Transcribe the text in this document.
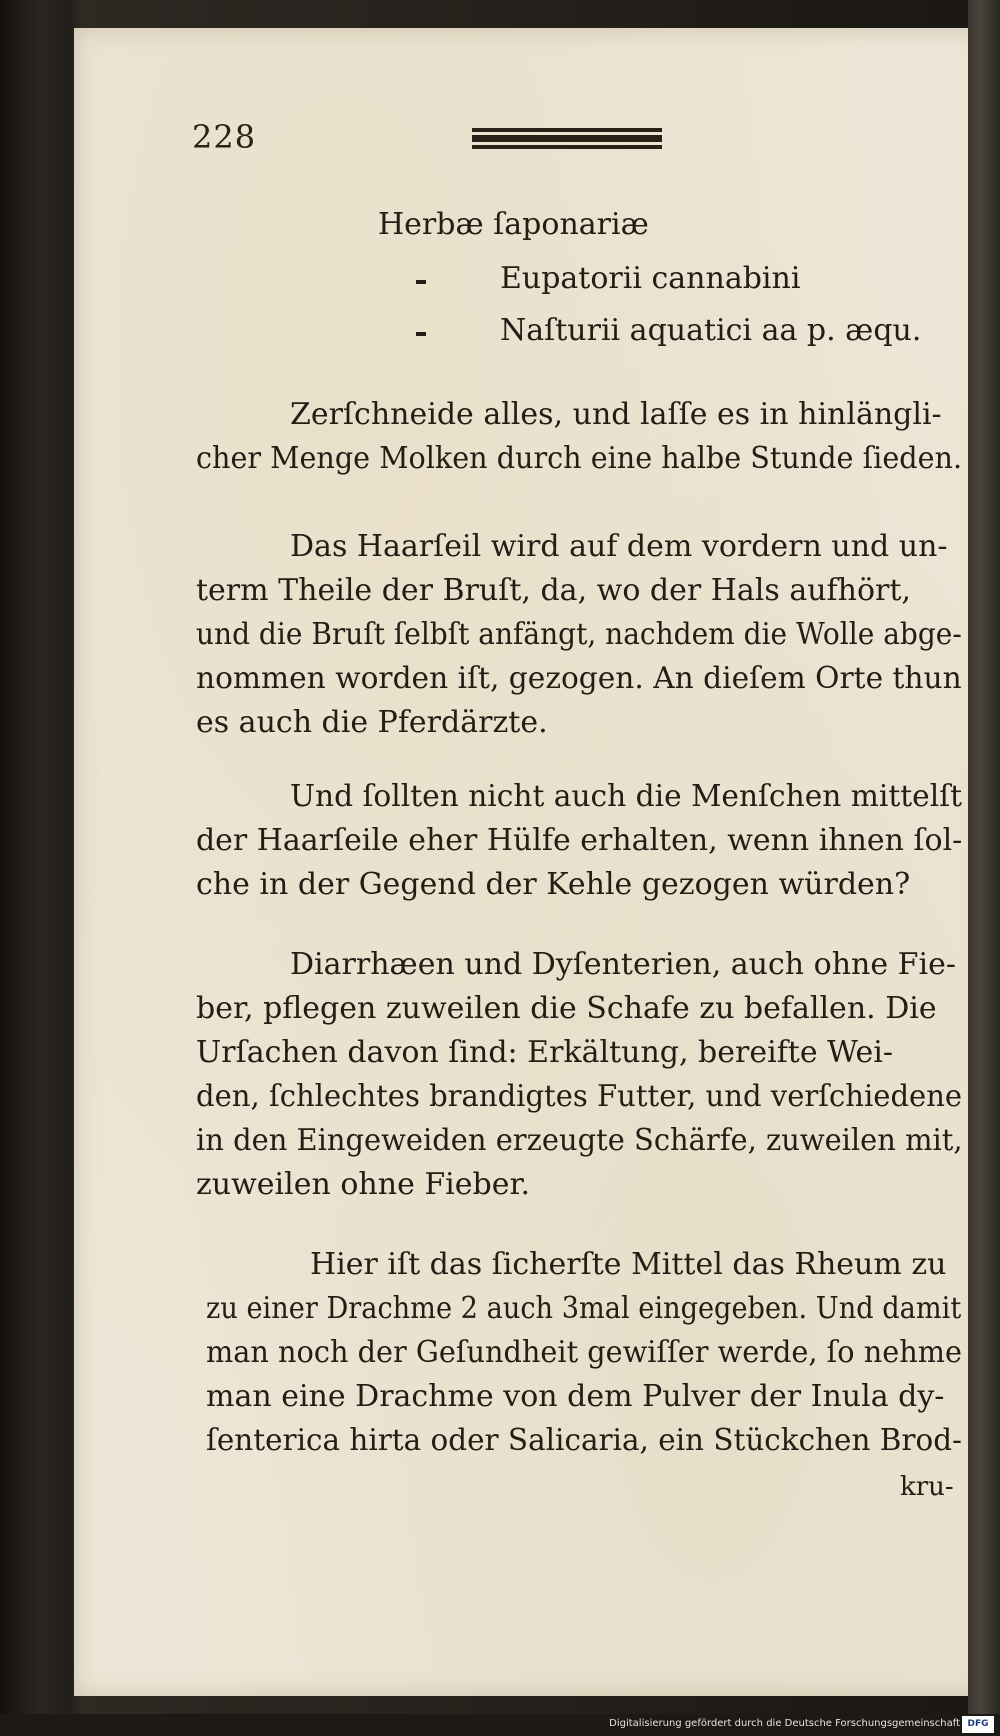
228
Herbæ ſaponariæ
Eupatorii cannabini
Naſturii aquatici aa p. æqu.
Zerſchneide alles, und laſſe es in hinlängli-
cher Menge Molken durch eine halbe Stunde ſieden.
Das Haarſeil wird auf dem vordern und un-
term Theile der Bruſt, da, wo der Hals aufhört,
und die Bruſt ſelbſt anfängt, nachdem die Wolle abge-
nommen worden iſt, gezogen. An dieſem Orte thun
es auch die Pferdärzte.
Und ſollten nicht auch die Menſchen mittelſt
der Haarſeile eher Hülfe erhalten, wenn ihnen ſol-
che in der Gegend der Kehle gezogen würden?
Diarrhæen und Dyſenterien, auch ohne Fie-
ber, pflegen zuweilen die Schafe zu befallen. Die
Urſachen davon ſind: Erkältung, bereifte Wei-
den, ſchlechtes brandigtes Futter, und verſchiedene
in den Eingeweiden erzeugte Schärfe, zuweilen mit,
zuweilen ohne Fieber.
Hier iſt das ſicherſte Mittel das Rheum zu
zu einer Drachme 2 auch 3mal eingegeben. Und damit
man noch der Geſundheit gewiſſer werde, ſo nehme
man eine Drachme von dem Pulver der Inula dy-
ſenterica hirta oder Salicaria, ein Stückchen Brod-
kru-
Digitalisierung gefördert durch die Deutsche Forschungsgemeinschaft DFG
